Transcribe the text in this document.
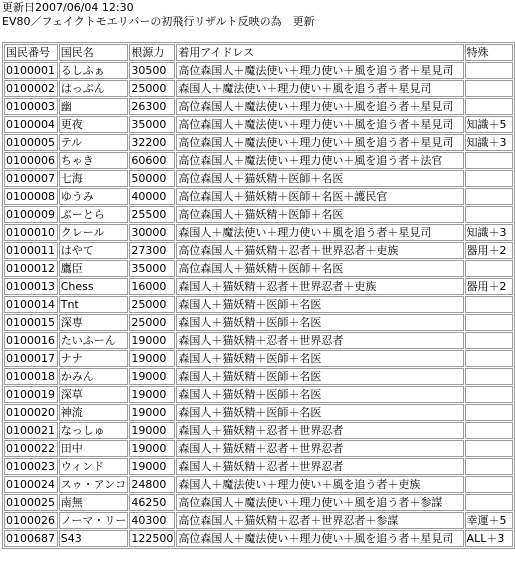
更新日2007/06/04 12:30
EV80／フェイクトモエリバーの初飛行リザルト反映の為　更新
国民番号	国民名	根源力	着用アイドレス	特殊
0100001	るしふぁ	30500	高位森国人＋魔法使い＋理力使い＋風を追う者＋星見司	
0100002	はっぷん	25000	森国人＋魔法使い＋理力使い＋風を追う者＋星見司	
0100003	幽	26300	高位森国人＋魔法使い＋理力使い＋風を追う者＋星見司	
0100004	更夜	35000	高位森国人＋魔法使い＋理力使い＋風を追う者＋星見司	知識＋5
0100005	テル	32200	高位森国人＋魔法使い＋理力使い＋風を追う者＋星見司	知識＋3
0100006	ちゃき	60600	高位森国人＋魔法使い＋理力使い＋風を追う者＋法官	
0100007	七海	50000	高位森国人＋猫妖精＋医師＋名医	
0100008	ゆうみ	40000	高位森国人＋猫妖精＋医師＋名医＋護民官	
0100009	ぶーとら	25500	高位森国人＋猫妖精＋医師＋名医	
0100010	クレール	30000	森国人＋魔法使い＋理力使い＋風を追う者＋星見司	知識＋3
0100011	はやて	27300	高位森国人＋猫妖精＋忍者＋世界忍者＋吏族	器用＋2
0100012	鷹臣	35000	高位森国人＋猫妖精＋医師＋名医	
0100013	Chess	16000	森国人＋猫妖精＋忍者＋世界忍者＋吏族	器用＋2
0100014	Tnt	25000	森国人＋猫妖精＋医師＋名医	
0100015	深専	25000	森国人＋猫妖精＋医師＋名医	
0100016	たいふーん	19000	森国人＋猫妖精＋忍者＋世界忍者	
0100017	ナナ	19000	森国人＋猫妖精＋医師＋名医	
0100018	かみん	19000	森国人＋猫妖精＋医師＋名医	
0100019	深草	19000	森国人＋猫妖精＋医師＋名医	
0100020	神流	19000	森国人＋猫妖精＋医師＋名医	
0100021	なっしゅ	19000	森国人＋猫妖精＋忍者＋世界忍者	
0100022	田中	19000	森国人＋猫妖精＋忍者＋世界忍者	
0100023	ウィンド	19000	森国人＋猫妖精＋忍者＋世界忍者	
0100024	スゥ・アンコ	24800	森国人＋魔法使い＋理力使い＋風を追う者＋吏族	
0100025	南無	46250	高位森国人＋魔法使い＋理力使い＋風を追う者＋参謀	
0100026	ノーマ・リー	40300	高位森国人＋猫妖精＋忍者＋世界忍者＋参謀	幸運＋5
0100687	S43	122500	高位森国人＋魔法使い＋理力使い＋風を追う者＋星見司	ALL＋3
